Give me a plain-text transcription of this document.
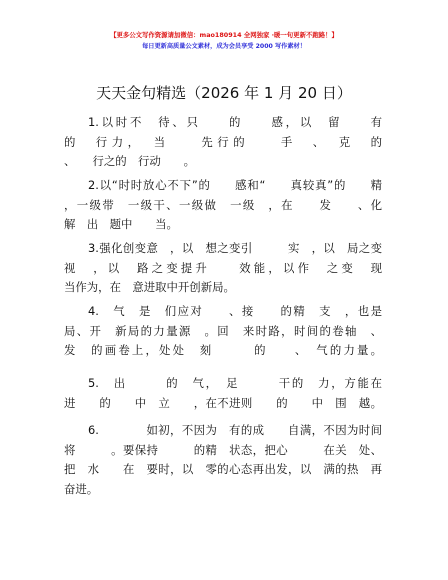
【更多公文写作资源请加微信：mao180914 全网独家 ·暖一句更新不跑路！】
每日更新高质量公文素材，成为会员享受 2000 写作素材！
天天金句精选（2026 年 1 月 20 日）
1.以时不　待、只　　的　　感，以　留　　有
的　行力，　当　　先行的　　手　、　克　的
、　　行之的　行动　　。
2.以“时时放心不下”的　　感和“　　真较真”的　　精
，一级带　一级干、一级做　一级　，在　　发　　、化
解　出　题中　　当。
3.强化创变意　，以　想之变引　　　实　，以　局之变
视　，以　路之变提升　　效能，以作　之变　现
当作为，在　意进取中开创新局。
4.　气　是　们应对　　、接　　的精　支　，也是
局、开　新局的力量源　。回　来时路，时间的卷轴　、
发　的画卷上，处处　刻　　　的　　、　气的力量。
5.　出　　　的　气，　足　　　干的　力，方能在
进　　的　　中　立　　，在不进则　　的　　中　围　越。
6.　　　　如初，不因为　有的成　　自满，不因为时间
将　　　。要保持　　　的精　状态，把心　　　在关　处、
把　水　　在　要时，以　零的心态再出发，以　满的热　再
奋进。
